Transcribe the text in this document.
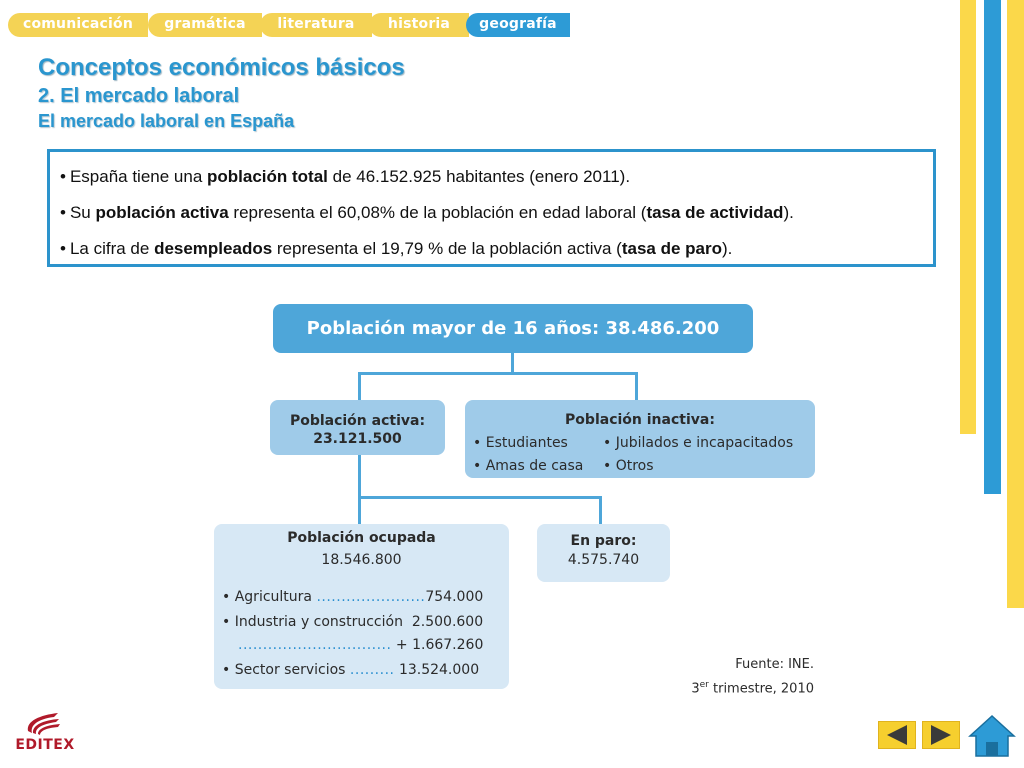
comunicación	gramática	literatura	historia	geografía
Conceptos económicos básicos
2. El mercado laboral
El mercado laboral en España
• España tiene una población total de 46.152.925 habitantes (enero 2011).
• Su población activa representa el 60,08% de la población en edad laboral (tasa de actividad).
• La cifra de desempleados representa el 19,79 % de la población activa (tasa de paro).
Población mayor de 16 años: 38.486.200
Población activa:
23.121.500
Población inactiva:
• Estudiantes	• Jubilados e incapacitados
• Amas de casa • Otros
Población ocupada
18.546.800
• Agricultura ......................754.000
• Industria y construcción 2.500.600
............................... + 1.667.260
• Sector servicios ......... 13.524.000
En paro:
4.575.740
Fuente: INE.
3er trimestre, 2010
EDITEX
